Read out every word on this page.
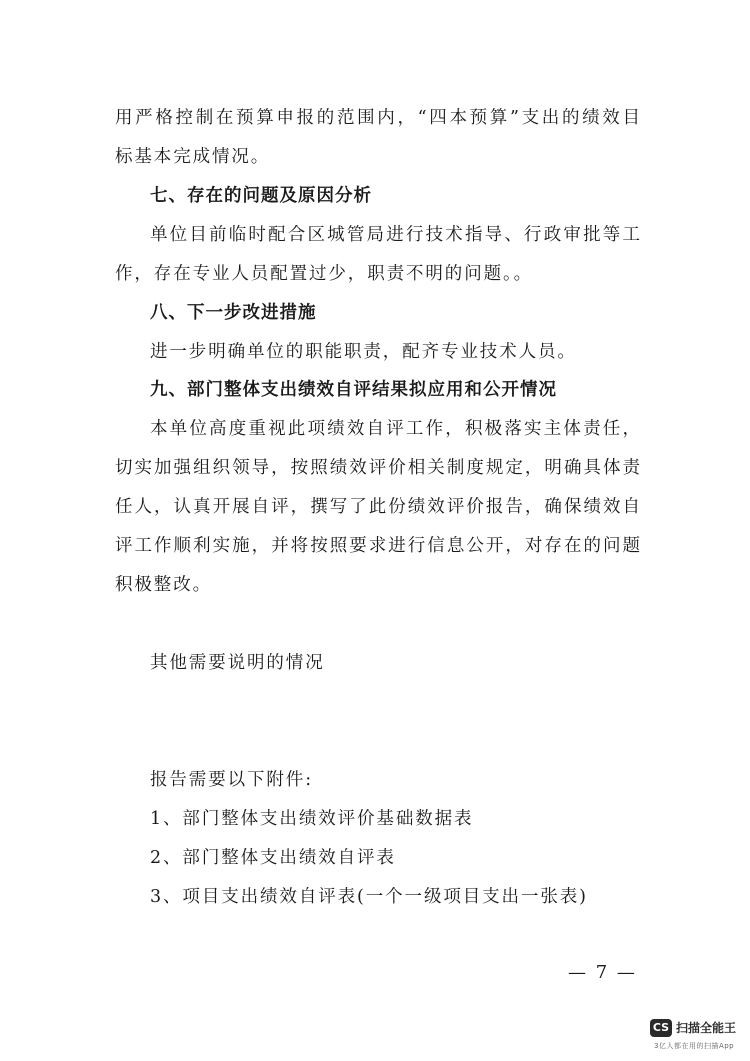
用严格控制在预算申报的范围内，“四本预算”支出的绩效目
标基本完成情况。
七、存在的问题及原因分析
单位目前临时配合区城管局进行技术指导、行政审批等工
作，存在专业人员配置过少，职责不明的问题。。
八、下一步改进措施
进一步明确单位的职能职责，配齐专业技术人员。
九、部门整体支出绩效自评结果拟应用和公开情况
本单位高度重视此项绩效自评工作，积极落实主体责任，
切实加强组织领导，按照绩效评价相关制度规定，明确具体责
任人，认真开展自评，撰写了此份绩效评价报告，确保绩效自
评工作顺利实施，并将按照要求进行信息公开，对存在的问题
积极整改。
其他需要说明的情况
报告需要以下附件:
1、部门整体支出绩效评价基础数据表
2、部门整体支出绩效自评表
3、项目支出绩效自评表(一个一级项目支出一张表)
— 7 —
CS 扫描全能王
3亿人都在用的扫描App
